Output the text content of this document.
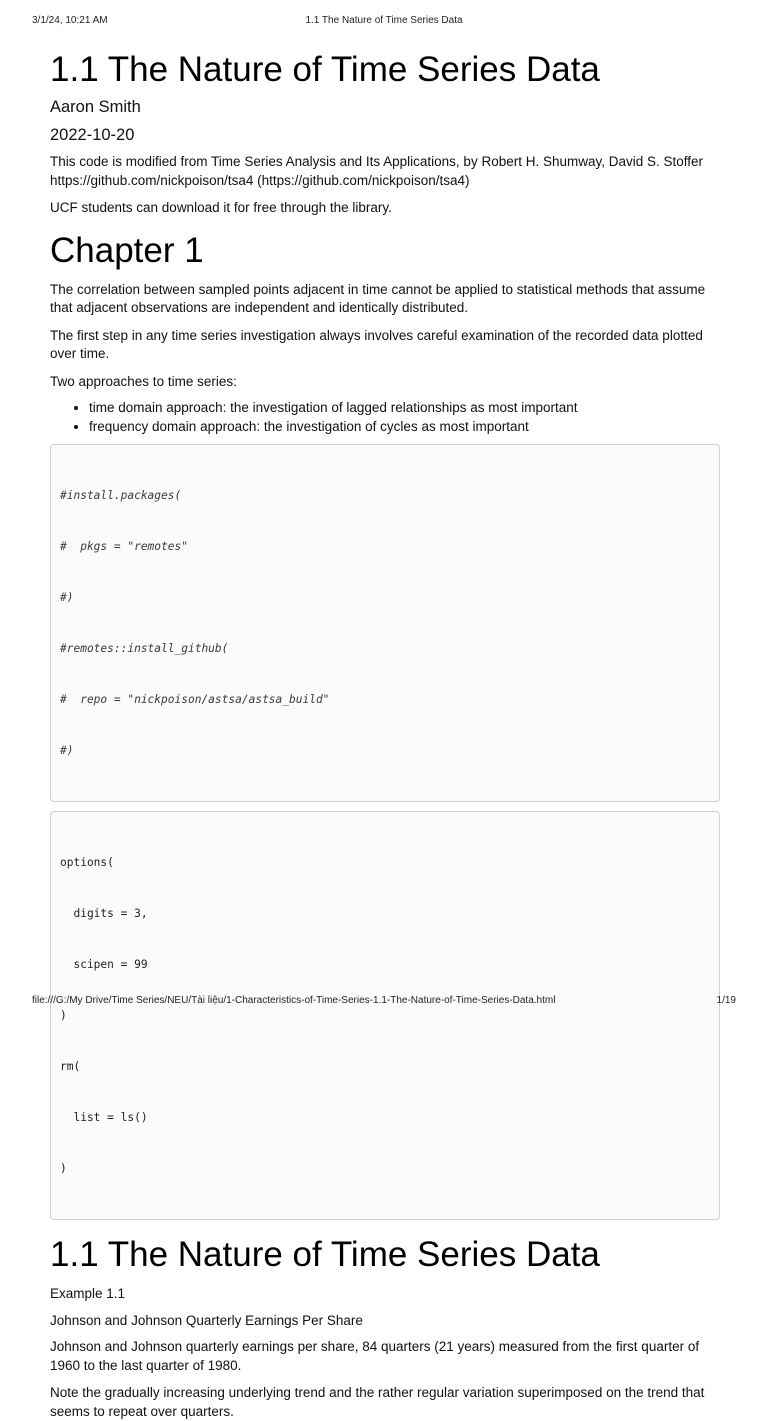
3/1/24, 10:21 AM	1.1 The Nature of Time Series Data
1.1 The Nature of Time Series Data
Aaron Smith
2022-10-20

This code is modified from Time Series Analysis and Its Applications, by Robert H. Shumway, David S. Stoffer
https://github.com/nickpoison/tsa4 (https://github.com/nickpoison/tsa4)

UCF students can download it for free through the library.

Chapter 1

The correlation between sampled points adjacent in time cannot be applied to statistical methods that assume that adjacent observations are independent and identically distributed.

The first step in any time series investigation always involves careful examination of the recorded data plotted over time.

Two approaches to time series:

• time domain approach: the investigation of lagged relationships as most important
• frequency domain approach: the investigation of cycles as most important

#install.packages(

#  pkgs = "remotes"

#)

#remotes::install_github(

#  repo = "nickpoison/astsa/astsa_build"

#)

options(

digits = 3,

scipen = 99

)

rm(

list = ls()

)

1.1 The Nature of Time Series Data

Example 1.1

Johnson and Johnson Quarterly Earnings Per Share

Johnson and Johnson quarterly earnings per share, 84 quarters (21 years) measured from the first quarter of 1960 to the last quarter of 1980.

Note the gradually increasing underlying trend and the rather regular variation superimposed on the trend that seems to repeat over quarters.

file:///G:/My Drive/Time Series/NEU/Tài liệu/1-Characteristics-of-Time-Series-1.1-The-Nature-of-Time-Series-Data.html	1/19
